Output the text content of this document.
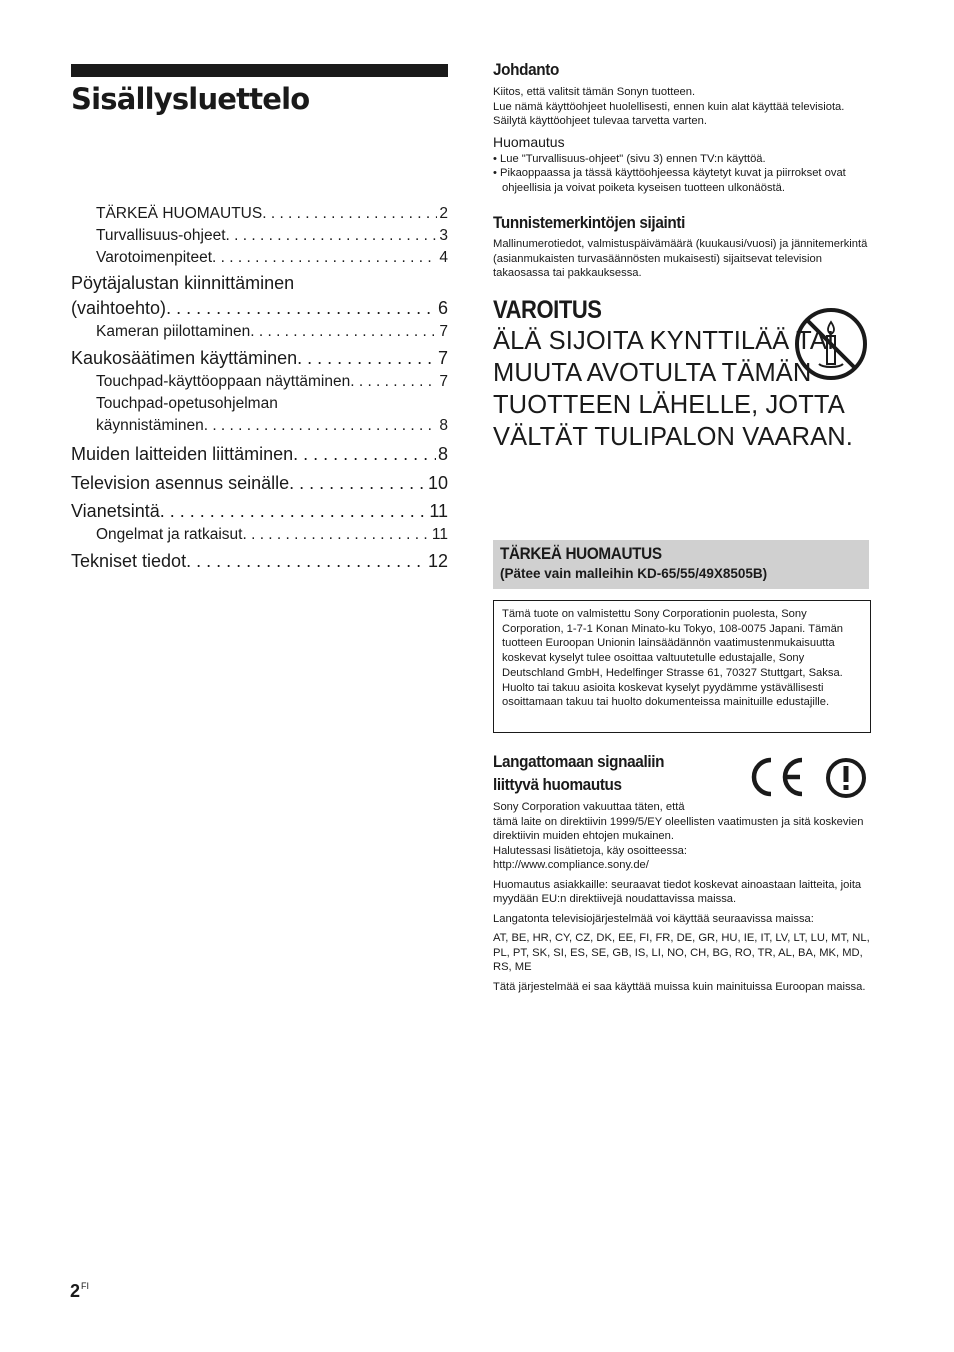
Sisällysluettelo
TÄRKEÄ HUOMAUTUS . . .	2
Turvallisuus-ohjeet . . .	3
Varotoimenpiteet . . .	4
Pöytäjalustan kiinnittäminen
(vaihtoehto) . . .	6
Kameran piilottaminen . . .	7
Kaukosäätimen käyttäminen . . .	7
Touchpad-käyttöoppaan näyttäminen . . .	7
Touchpad-opetusohjelman
käynnistäminen . . .	8
Muiden laitteiden liittäminen . . .	8
Television asennus seinälle . . .	10
Vianetsintä . . .	11
Ongelmat ja ratkaisut . . .	11
Tekniset tiedot . . .	12
Johdanto
Kiitos, että valitsit tämän Sonyn tuotteen.
Lue nämä käyttöohjeet huolellisesti, ennen kuin alat käyttää televisiota. Säilytä käyttöohjeet tulevaa tarvetta varten.
Huomautus
• Lue "Turvallisuus-ohjeet" (sivu 3) ennen TV:n käyttöä.
• Pikaoppaassa ja tässä käyttöohjeessa käytetyt kuvat ja piirrokset ovat ohjeellisia ja voivat poiketa kyseisen tuotteen ulkonäöstä.
Tunnistemerkintöjen sijainti
Mallinumerotiedot, valmistuspäivämäärä (kuukausi/vuosi) ja jännitemerkintä (asianmukaisten turvasäännösten mukaisesti) sijaitsevat television takaosassa tai pakkauksessa.
VAROITUS
ÄLÄ SIJOITA KYNTTILÄÄ TAI MUUTA AVOTULTA TÄMÄN TUOTTEEN LÄHELLE, JOTTA VÄLTÄT TULIPALON VAARAN.
TÄRKEÄ HUOMAUTUS
(Pätee vain malleihin KD-65/55/49X8505B)
Tämä tuote on valmistettu Sony Corporationin puolesta, Sony Corporation, 1-7-1 Konan Minato-ku Tokyo, 108-0075 Japani. Tämän tuotteen Euroopan Unionin lainsäädännön vaatimustenmukaisuutta koskevat kyselyt tulee osoittaa valtuutetulle edustajalle, Sony Deutschland GmbH, Hedelfinger Strasse 61, 70327 Stuttgart, Saksa. Huolto tai takuu asioita koskevat kyselyt pyydämme ystävällisesti osoittamaan takuu tai huolto dokumenteissa mainituille edustajille.
Langattomaan signaaliin
liittyvä huomautus
Sony Corporation vakuuttaa täten, että
tämä laite on direktiivin 1999/5/EY oleellisten vaatimusten ja sitä koskevien direktiivin muiden ehtojen mukainen.
Halutessasi lisätietoja, käy osoitteessa:
http://www.compliance.sony.de/
Huomautus asiakkaille: seuraavat tiedot koskevat ainoastaan laitteita, joita myydään EU:n direktiivejä noudattavissa maissa.
Langatonta televisiojärjestelmää voi käyttää seuraavissa maissa:
AT, BE, HR, CY, CZ, DK, EE, FI, FR, DE, GR, HU, IE, IT, LV, LT, LU, MT, NL, PL, PT, SK, SI, ES, SE, GB, IS, LI, NO, CH, BG, RO, TR, AL, BA, MK, MD, RS, ME
Tätä järjestelmää ei saa käyttää muissa kuin mainituissa Euroopan maissa.
$2^{FI}$
